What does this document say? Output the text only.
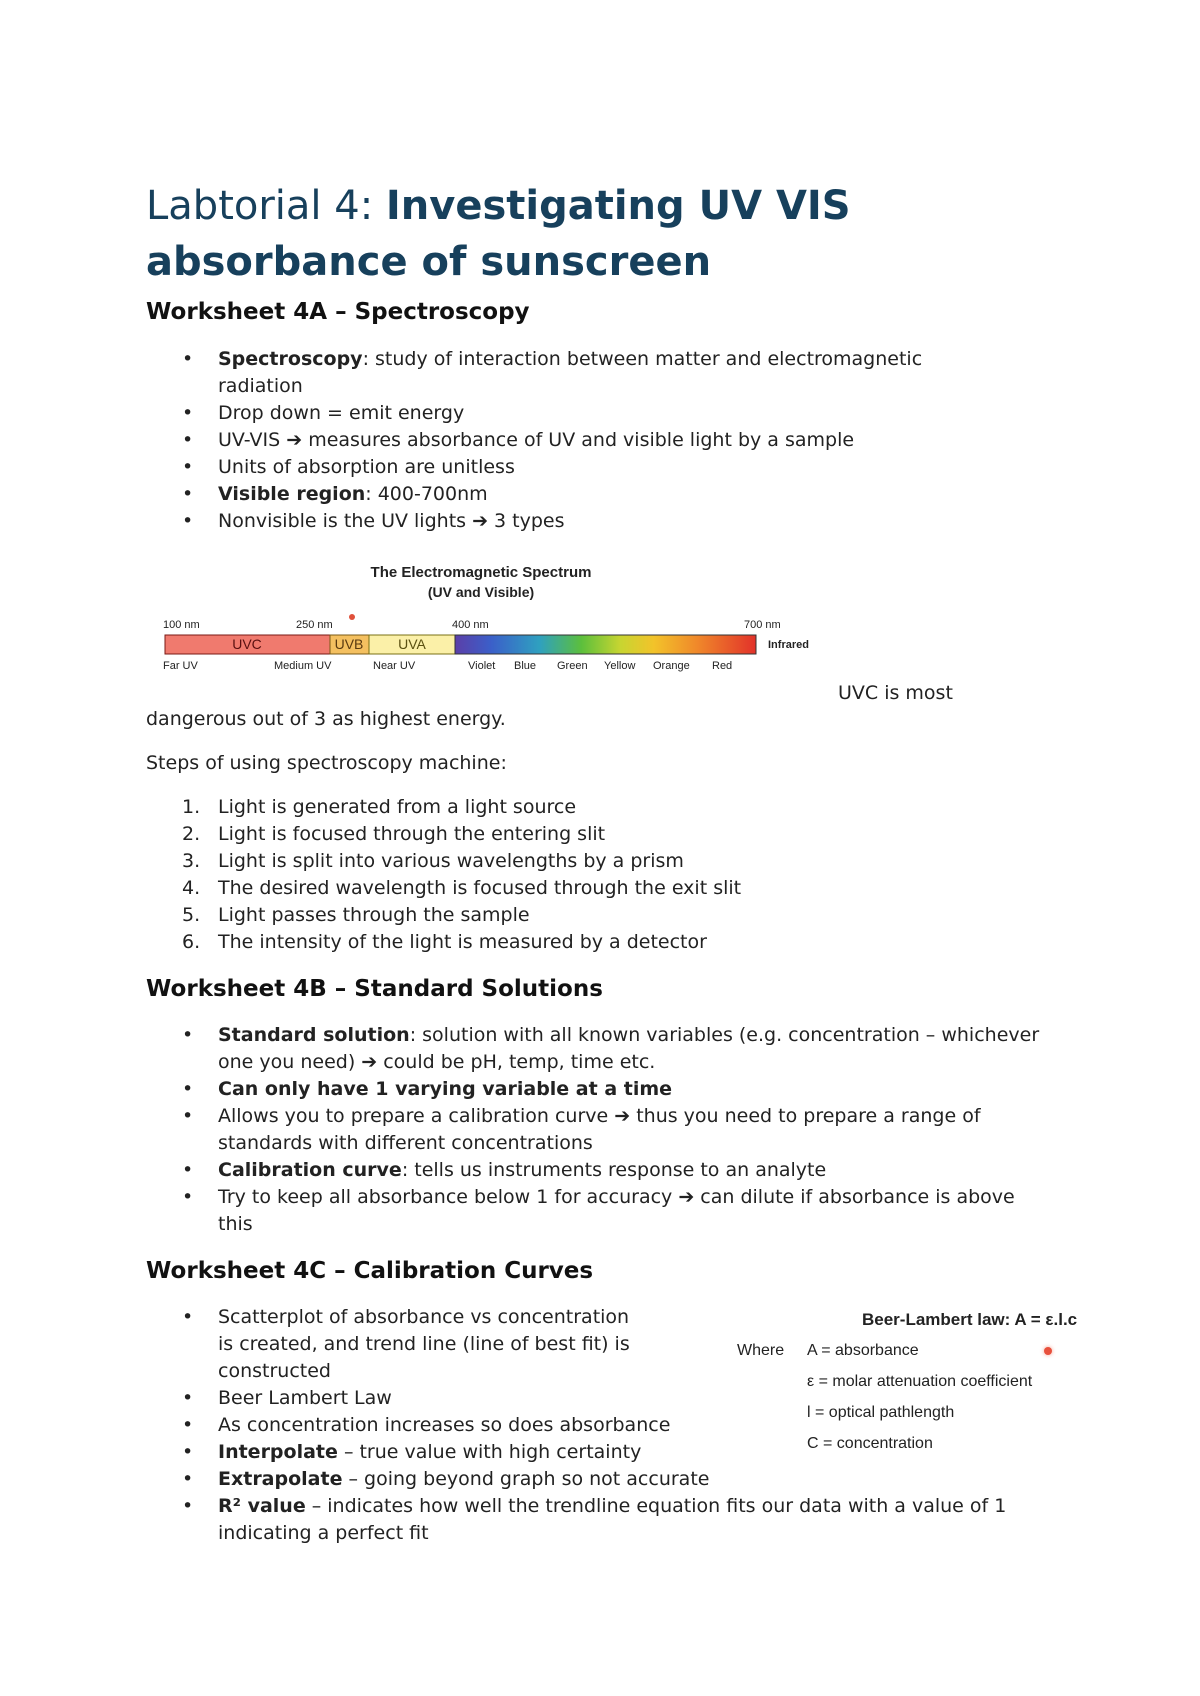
Labtorial 4: Investigating UV VIS absorbance of sunscreen
Worksheet 4A – Spectroscopy
• Spectroscopy: study of interaction between matter and electromagnetic radiation
• Drop down = emit energy
• UV-VIS ➔ measures absorbance of UV and visible light by a sample
• Units of absorption are unitless
• Visible region: 400-700nm
• Nonvisible is the UV lights ➔ 3 types
The Electromagnetic Spectrum
(UV and Visible)
100 nm	250 nm	400 nm	700 nm
UVC	UVB UVA	Infrared
Far UV	Medium UV	Near UV	Violet Blue Green Yellow Orange Red

UVC is most

dangerous out of 3 as highest energy.

Steps of using spectroscopy machine:

1. Light is generated from a light source
2. Light is focused through the entering slit
3. Light is split into various wavelengths by a prism
4. The desired wavelength is focused through the exit slit
5. Light passes through the sample
6. The intensity of the light is measured by a detector
Worksheet 4B – Standard Solutions
• Standard solution: solution with all known variables (e.g. concentration – whichever one you need) ➔ could be pH, temp, time etc.
• Can only have 1 varying variable at a time
• Allows you to prepare a calibration curve ➔ thus you need to prepare a range of standards with different concentrations
• Calibration curve: tells us instruments response to an analyte
• Try to keep all absorbance below 1 for accuracy ➔ can dilute if absorbance is above this
Worksheet 4C – Calibration Curves
• Scatterplot of absorbance vs concentration is created, and trend line (line of best fit) is constructed
• Beer Lambert Law
• As concentration increases so does absorbance
• Interpolate – true value with high certainty
• Extrapolate – going beyond graph so not accurate
• R² value – indicates how well the trendline equation fits our data with a value of 1 indicating a perfect fit
Beer-Lambert law: A = ε.l.c
Where A = absorbance
ε = molar attenuation coefficient
l = optical pathlength
C = concentration
